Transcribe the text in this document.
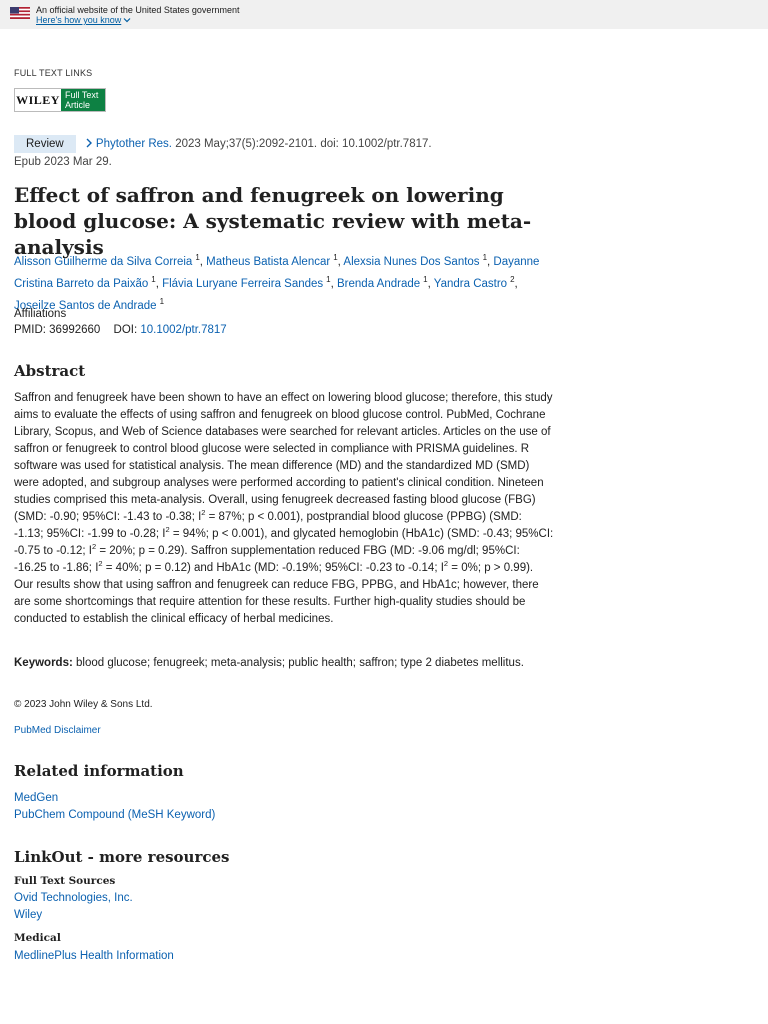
An official website of the United States government
Here's how you know
FULL TEXT LINKS
WILEY Full Text
Article
Review	Phytother Res. 2023 May;37(5):2092-2101. doi: 10.1002/ptr.7817.
Epub 2023 Mar 29.
Effect of saffron and fenugreek on lowering blood glucose: A systematic review with meta-analysis
Alisson Guilherme da Silva Correia $^1$, Matheus Batista Alencar $^1$, Alexsia Nunes Dos Santos $^1$, Dayanne Cristina Barreto da Paixão $^1$, Flávia Luryane Ferreira Sandes $^1$, Brenda Andrade $^1$, Yandra Castro $^2$, Joseilze Santos de Andrade $^1$
Affiliations
PMID: 36992660 DOI: 10.1002/ptr.7817
Abstract

Saffron and fenugreek have been shown to have an effect on lowering blood glucose; therefore, this study aims to evaluate the effects of using saffron and fenugreek on blood glucose control. PubMed, Cochrane Library, Scopus, and Web of Science databases were searched for relevant articles. Articles on the use of saffron or fenugreek to control blood glucose were selected in compliance with PRISMA guidelines. R software was used for statistical analysis. The mean difference (MD) and the standardized MD (SMD) were adopted, and subgroup analyses were performed according to patient's clinical condition. Nineteen studies comprised this meta-analysis. Overall, using fenugreek decreased fasting blood glucose (FBG) (SMD: -0.90; 95%CI: -1.43 to -0.38; $I^2 = 87\%$; p < 0.001), postprandial blood glucose (PPBG) (SMD: -1.13; 95%CI: -1.99 to -0.28; $I^2 = 94\%$; p < 0.001), and glycated hemoglobin (HbA1c) (SMD: -0.43; 95%CI: -0.75 to -0.12; $I^2 = 20\%$; p = 0.29). Saffron supplementation reduced FBG (MD: -9.06 mg/dl; 95%CI: -16.25 to -1.86; $I^2 = 40\%$; p = 0.12) and HbA1c (MD: -0.19%; 95%CI: -0.23 to -0.14; $I^2 = 0\%$; p > 0.99). Our results show that using saffron and fenugreek can reduce FBG, PPBG, and HbA1c; however, there are some shortcomings that require attention for these results. Further high-quality studies should be conducted to establish the clinical efficacy of herbal medicines.

Keywords: blood glucose; fenugreek; meta-analysis; public health; saffron; type 2 diabetes mellitus.

© 2023 John Wiley & Sons Ltd.
PubMed Disclaimer
Related information
MedGen
PubChem Compound (MeSH Keyword)
LinkOut - more resources
Full Text Sources
Ovid Technologies, Inc.
Wiley
Medical
MedlinePlus Health Information
